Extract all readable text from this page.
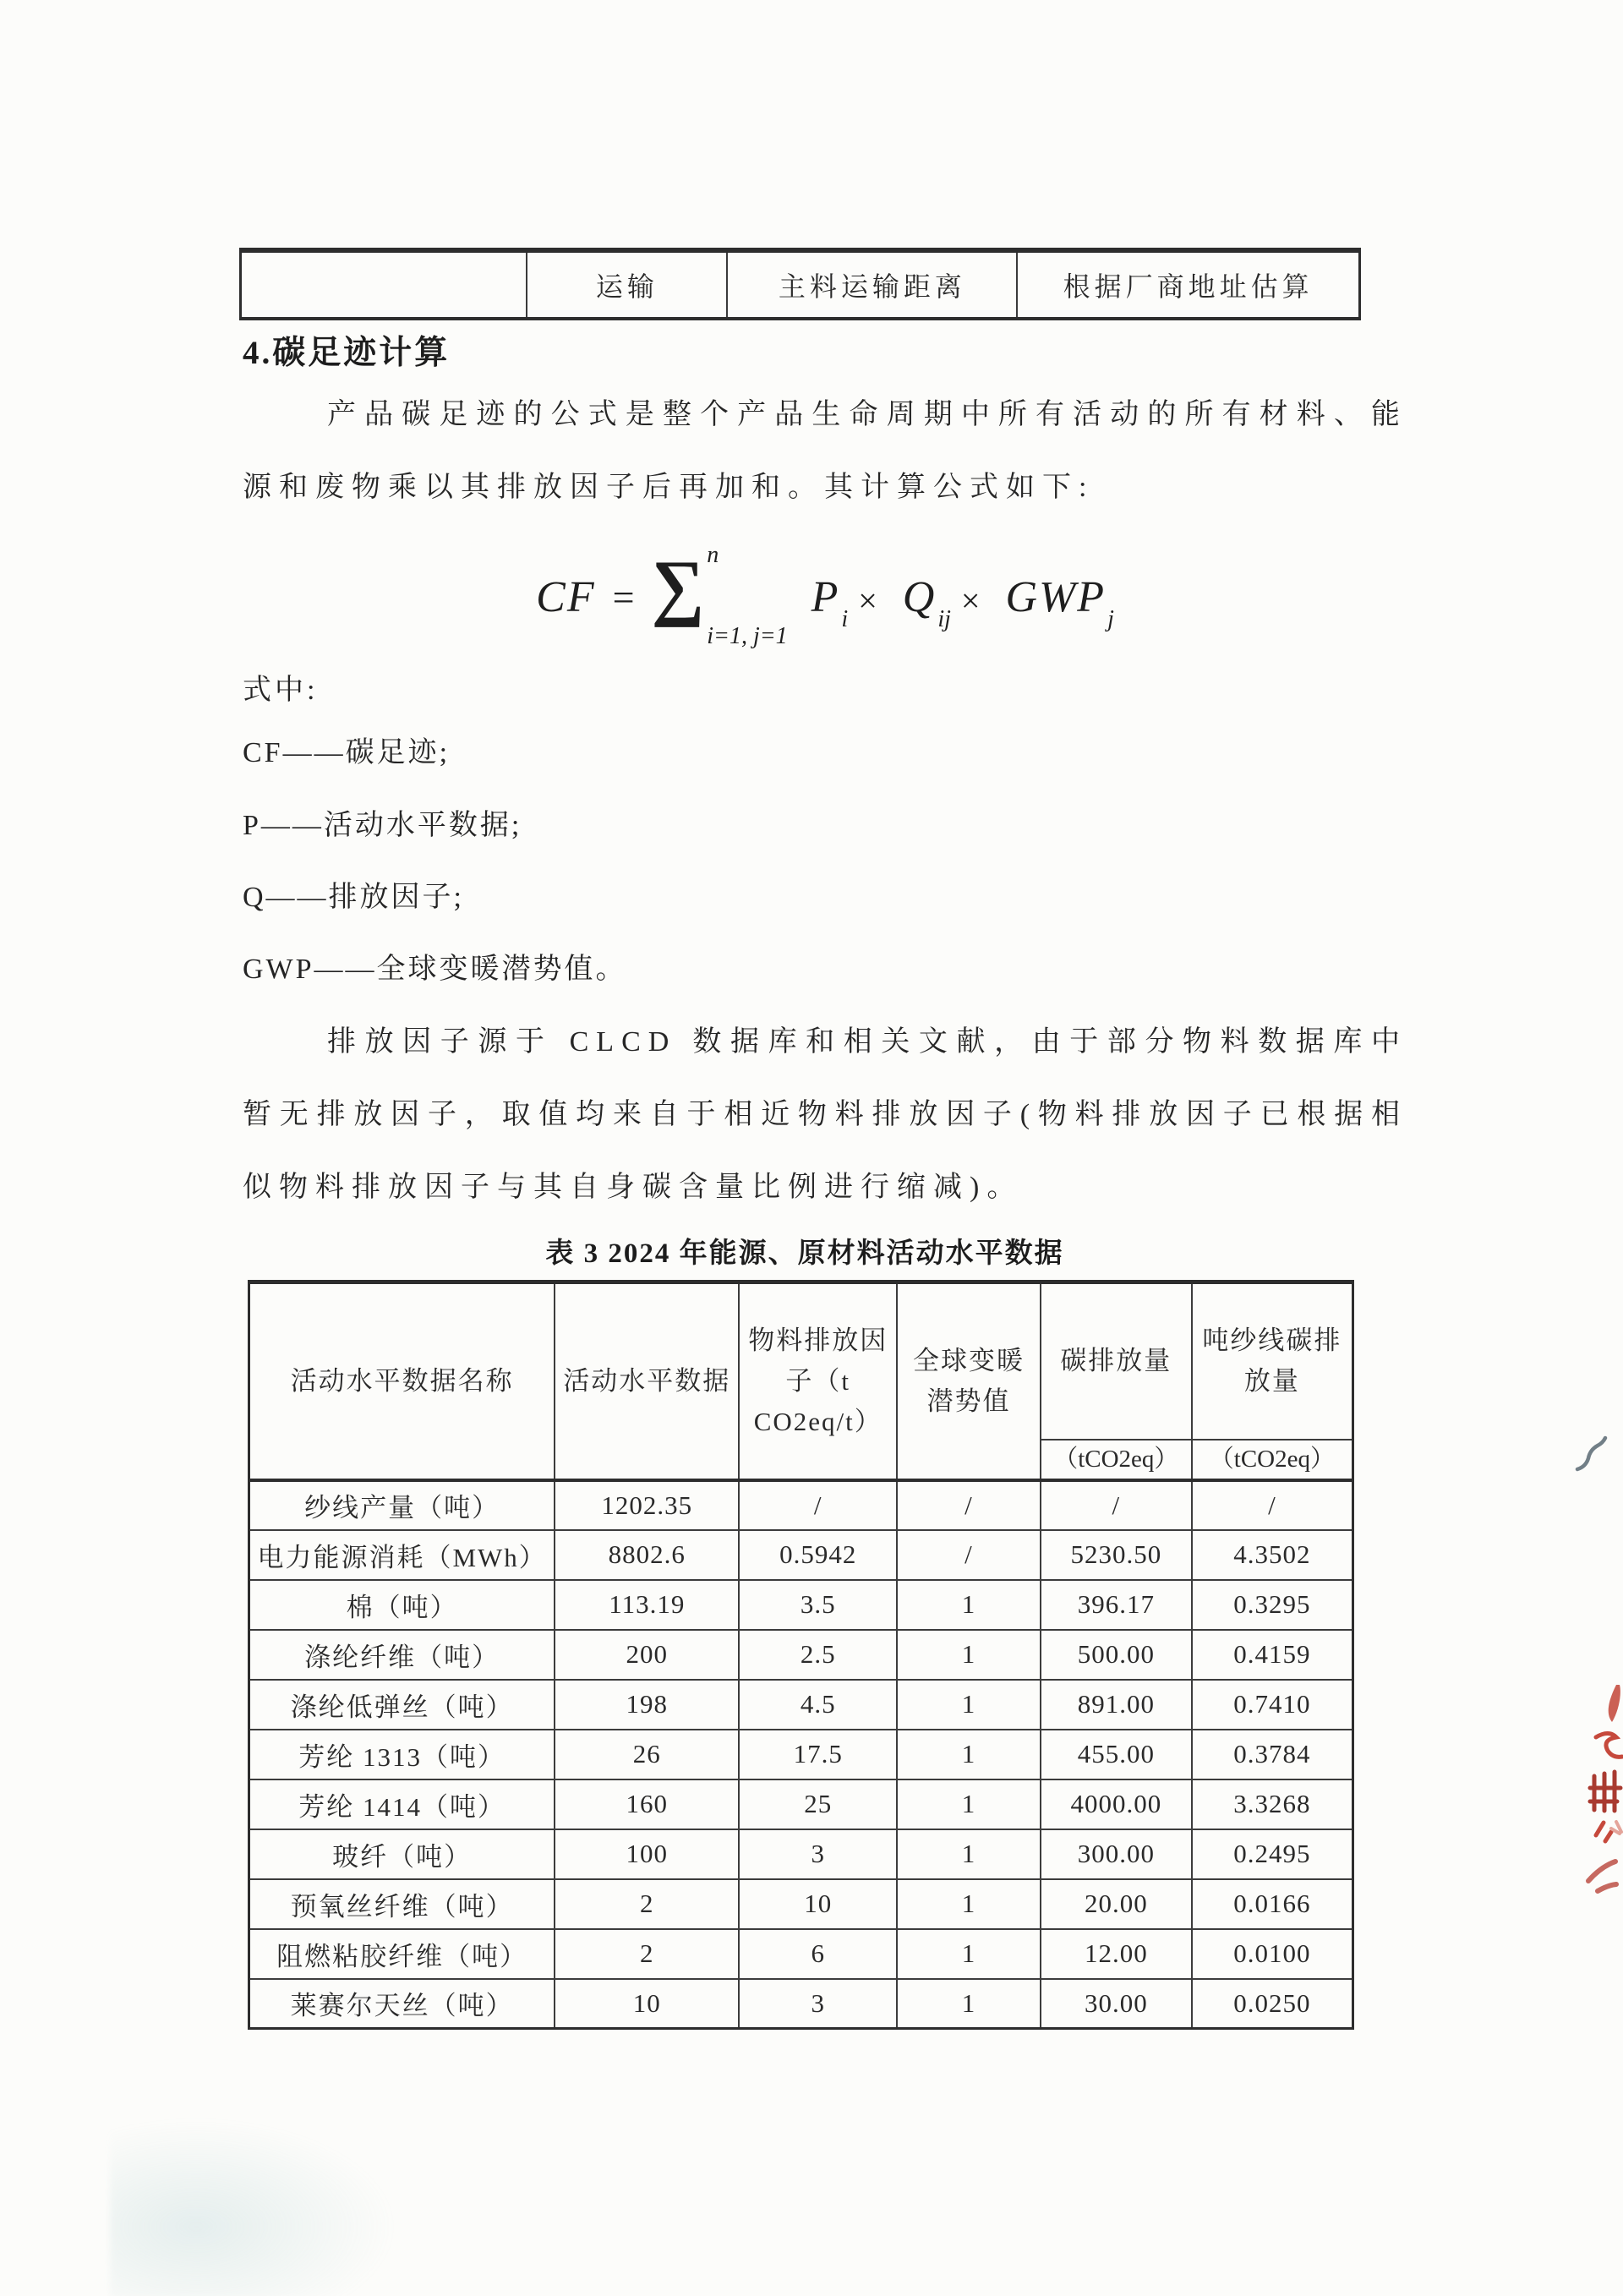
	运输	主料运输距离	根据厂商地址估算
4.碳足迹计算
产品碳足迹的公式是整个产品生命周期中所有活动的所有材料、能源和废物乘以其排放因子后再加和。其计算公式如下:
CF = ∑ n
i=1, j=1
P i × Q ij × GWP j
式中:
CF——碳足迹;
P——活动水平数据;
Q——排放因子;
GWP——全球变暖潜势值。
排放因子源于 CLCD 数据库和相关文献，由于部分物料数据库中暂无排放因子，取值均来自于相近物料排放因子(物料排放因子已根据相似物料排放因子与其自身碳含量比例进行缩减)。
表 3 2024 年能源、原材料活动水平数据
活动水平数据名称	活动水平数据	物料排放因子（t CO2eq/t）	全球变暖潜势值	碳排放量	吨纱线碳排放量
				（tCO2eq）	（tCO2eq）
纱线产量（吨）	1202.35	/	/	/	/
电力能源消耗（MWh）	8802.6	0.5942	/	5230.50	4.3502
棉（吨）	113.19	3.5	1	396.17	0.3295
涤纶纤维（吨）	200	2.5	1	500.00	0.4159
涤纶低弹丝（吨）	198	4.5	1	891.00	0.7410
芳纶 1313（吨）	26	17.5	1	455.00	0.3784
芳纶 1414（吨）	160	25	1	4000.00	3.3268
玻纤（吨）	100	3	1	300.00	0.2495
预氧丝纤维（吨）	2	10	1	20.00	0.0166
阻燃粘胶纤维（吨）	2	6	1	12.00	0.0100
莱赛尔天丝（吨）	10	3	1	30.00	0.0250
